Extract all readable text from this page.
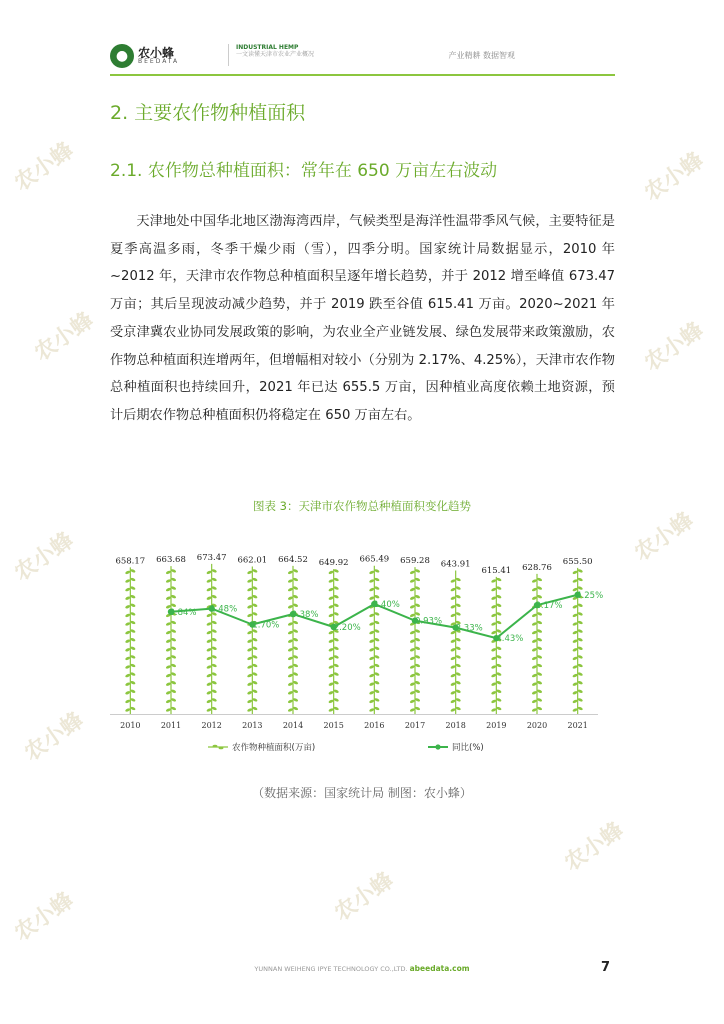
农小蜂	农小蜂
农小蜂	农小蜂
农小蜂	农小蜂
农小蜂
农小蜂
农小蜂	农小蜂
● 农小蜂
BEEDATA
INDUSTRIAL HEMP
一文读懂天津市农业产业概况	产业精耕 数据智观
2. 主要农作物种植面积
2.1. 农作物总种植面积：常年在 650 万亩左右波动

天津地处中国华北地区渤海湾西岸，气候类型是海洋性温带季风气候，主要特征是夏季高温多雨，冬季干燥少雨（雪），四季分明。国家统计局数据显示，2010 年~2012 年，天津市农作物总种植面积呈逐年增长趋势，并于 2012 增至峰值 673.47 万亩；其后呈现波动减少趋势，并于 2019 跌至谷值 615.41 万亩。2020~2021 年受京津冀农业协同发展政策的影响，为农业全产业链发展、绿色发展带来政策激励，农作物总种植面积连增两年，但增幅相对较小（分别为 2.17%、4.25%），天津市农作物总种植面积也持续回升，2021 年已达 655.5 万亩，因种植业高度依赖土地资源，预计后期农作物总种植面积仍将稳定在 650 万亩左右。

图表 3：天津市农作物总种植面积变化趋势
658.17
2010
663.68
2011
673.47
2012
662.01
2013
664.52
2014
649.92
2015
665.49
2016
659.28
2017
643.91
2018
615.41
2019
628.76
2020
655.50
2021
0.84% 1.48%
-1.70%
0.38%
-2.20%
2.40%
-0.93%
-2.33%
-4.43%
2.17%
4.25%
农作物种植面积(万亩)	同比(%)
（数据来源：国家统计局 制图：农小蜂）
YUNNAN WEIHENG IPYE TECHNOLOGY CO.,LTD. abeedata.com	7
